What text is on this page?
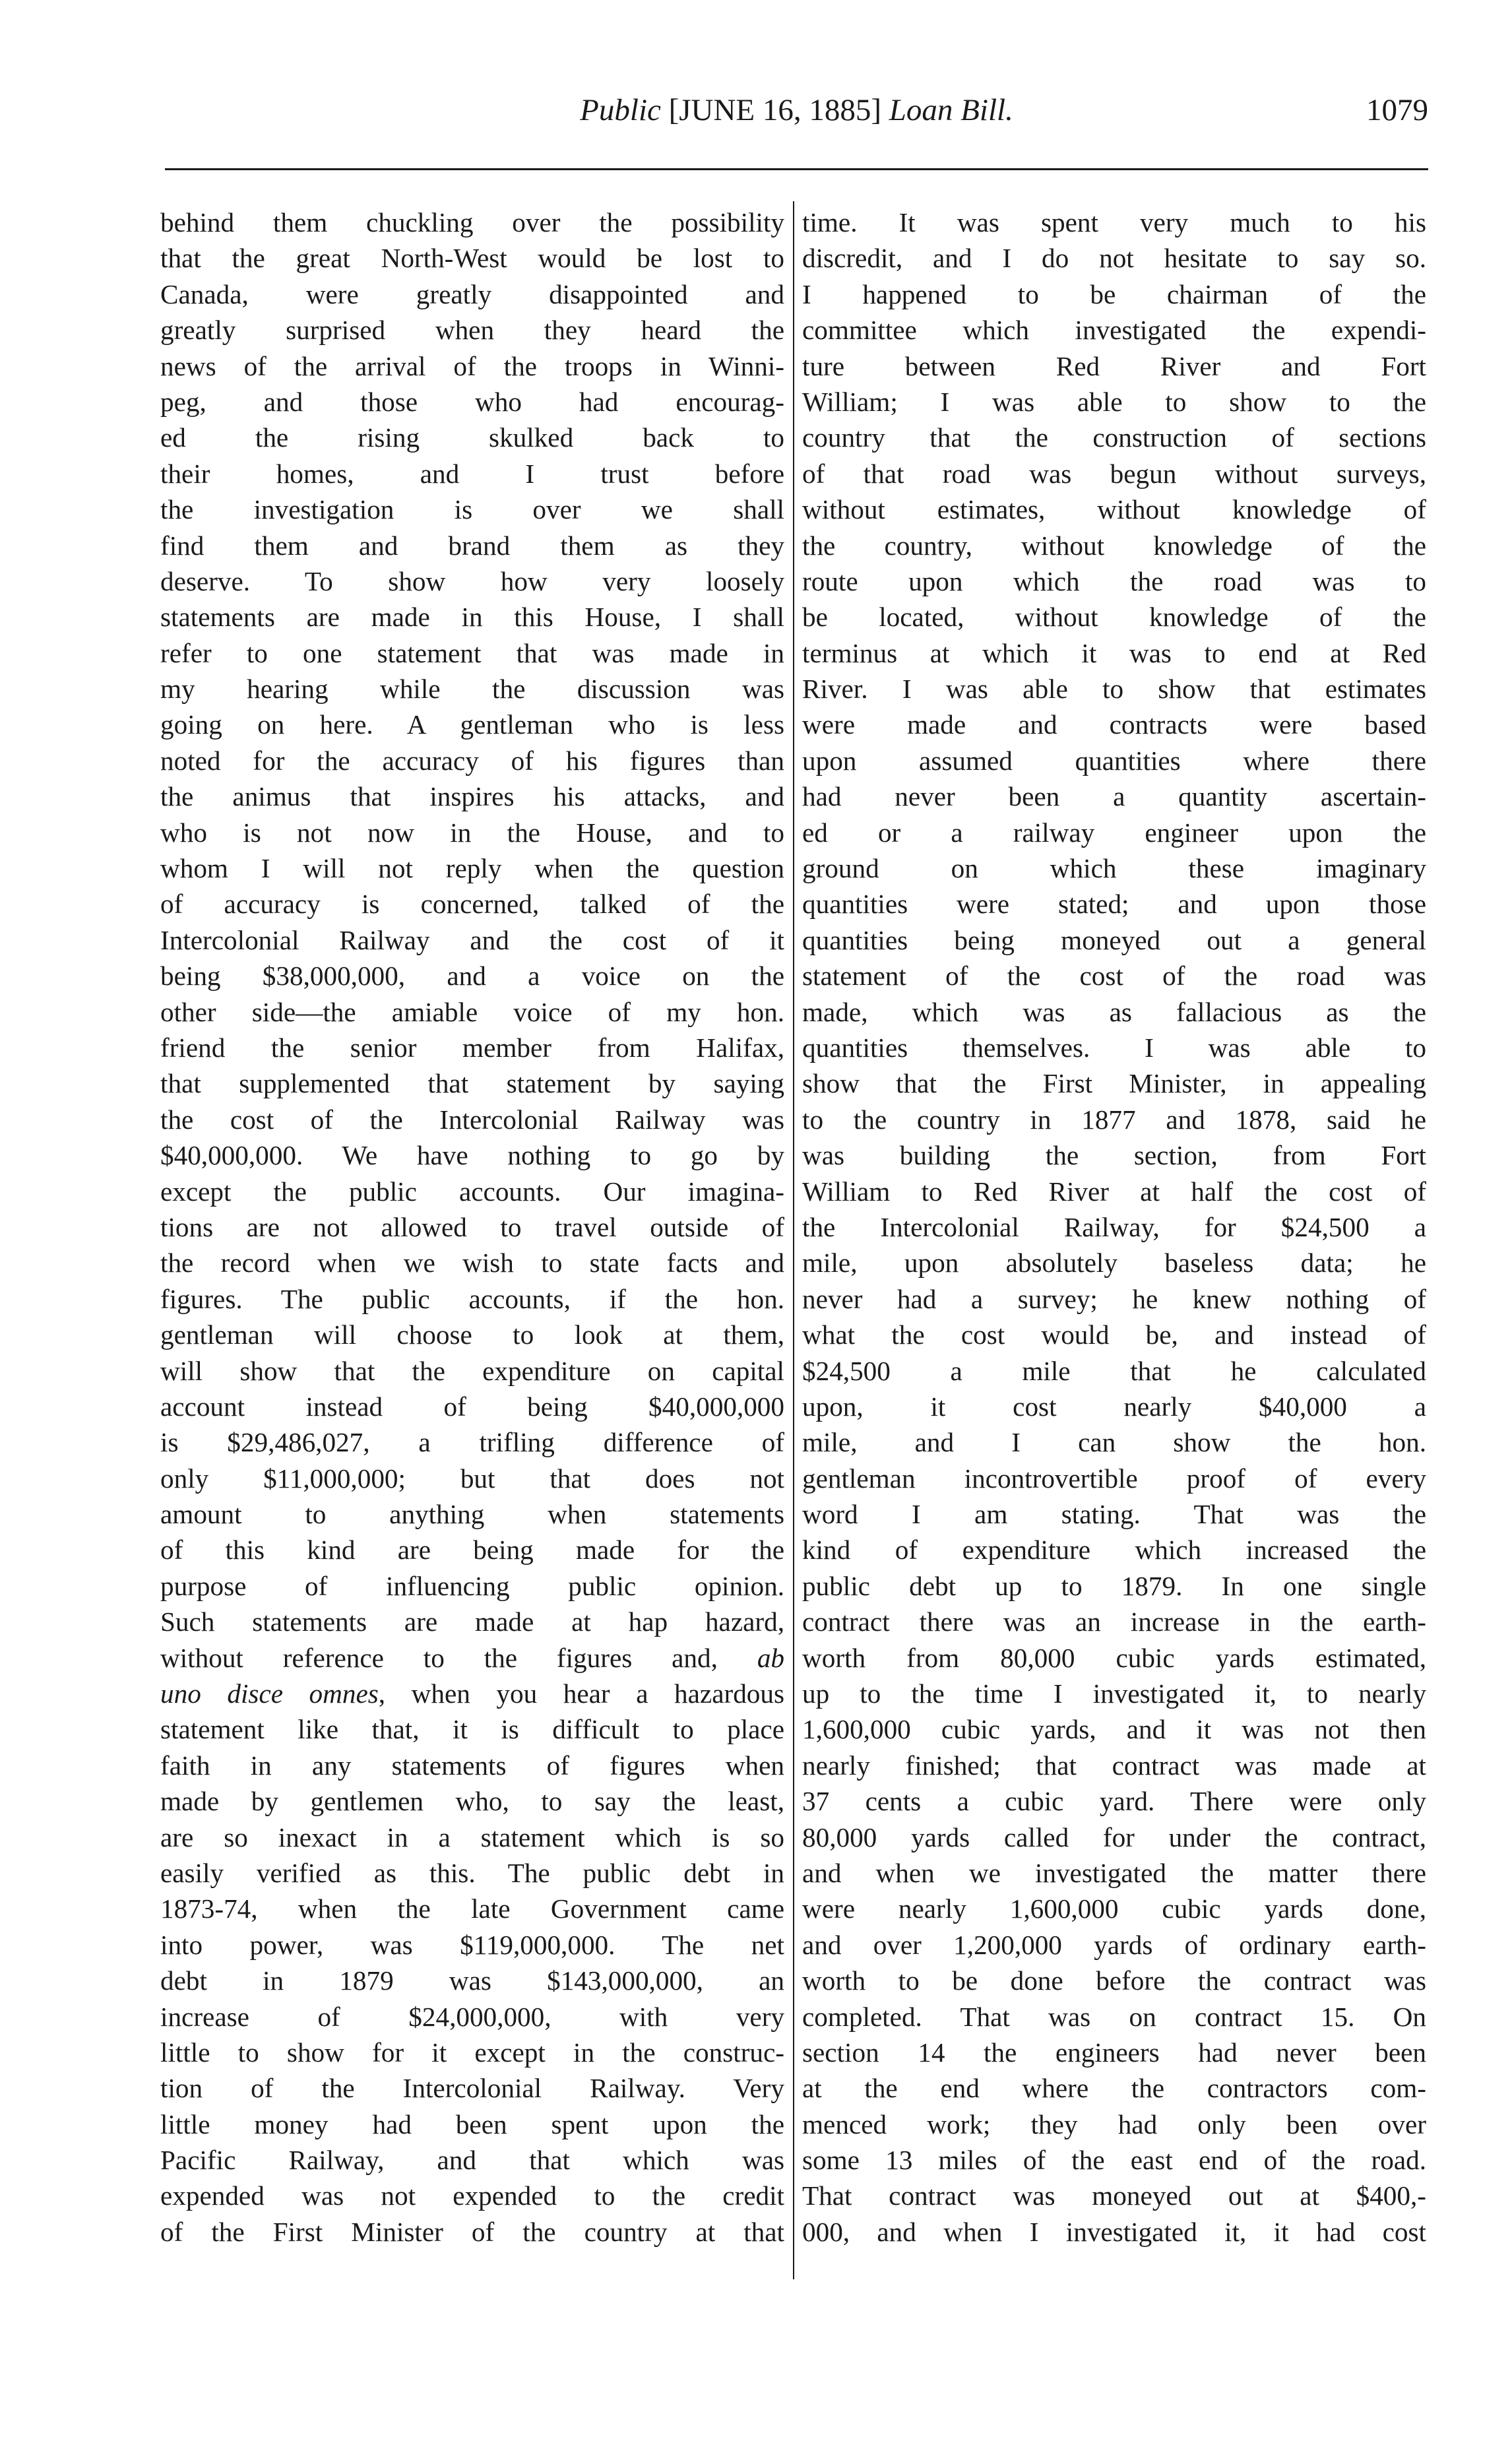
Public [JUNE 16, 1885] Loan Bill.	1079
behind them chuckling over the possibility
that the great North-West would be lost to
Canada, were greatly disappointed and
greatly surprised when they heard the
news of the arrival of the troops in Winni-
peg, and those who had encourag-
ed the rising skulked back to
their homes, and I trust before
the investigation is over we shall
find them and brand them as they
deserve. To show how very loosely
statements are made in this House, I shall
refer to one statement that was made in
my hearing while the discussion was
going on here. A gentleman who is less
noted for the accuracy of his figures than
the animus that inspires his attacks, and
who is not now in the House, and to
whom I will not reply when the question
of accuracy is concerned, talked of the
Intercolonial Railway and the cost of it
being $38,000,000, and a voice on the
other side—the amiable voice of my hon.
friend the senior member from Halifax,
that supplemented that statement by saying
the cost of the Intercolonial Railway was
$40,000,000. We have nothing to go by
except the public accounts. Our imagina-
tions are not allowed to travel outside of
the record when we wish to state facts and
figures. The public accounts, if the hon.
gentleman will choose to look at them,
will show that the expenditure on capital
account instead of being $40,000,000
is $29,486,027, a trifling difference of
only $11,000,000; but that does not
amount to anything when statements
of this kind are being made for the
purpose of influencing public opinion.
Such statements are made at hap hazard,
without reference to the figures and, ab
uno disce omnes, when you hear a hazardous
statement like that, it is difficult to place
faith in any statements of figures when
made by gentlemen who, to say the least,
are so inexact in a statement which is so
easily verified as this. The public debt in
1873-74, when the late Government came
into power, was $119,000,000. The net
debt in 1879 was $143,000,000, an
increase of $24,000,000, with very
little to show for it except in the construc-
tion of the Intercolonial Railway. Very
little money had been spent upon the
Pacific Railway, and that which was
expended was not expended to the credit
of the First Minister of the country at that
time. It was spent very much to his
discredit, and I do not hesitate to say so.
I happened to be chairman of the
committee which investigated the expendi-
ture between Red River and Fort
William; I was able to show to the
country that the construction of sections
of that road was begun without surveys,
without estimates, without knowledge of
the country, without knowledge of the
route upon which the road was to
be located, without knowledge of the
terminus at which it was to end at Red
River. I was able to show that estimates
were made and contracts were based
upon assumed quantities where there
had never been a quantity ascertain-
ed or a railway engineer upon the
ground on which these imaginary
quantities were stated; and upon those
quantities being moneyed out a general
statement of the cost of the road was
made, which was as fallacious as the
quantities themselves. I was able to
show that the First Minister, in appealing
to the country in 1877 and 1878, said he
was building the section, from Fort
William to Red River at half the cost of
the Intercolonial Railway, for $24,500 a
mile, upon absolutely baseless data; he
never had a survey; he knew nothing of
what the cost would be, and instead of
$24,500 a mile that he calculated
upon, it cost nearly $40,000 a
mile, and I can show the hon.
gentleman incontrovertible proof of every
word I am stating. That was the
kind of expenditure which increased the
public debt up to 1879. In one single
contract there was an increase in the earth-
worth from 80,000 cubic yards estimated,
up to the time I investigated it, to nearly
1,600,000 cubic yards, and it was not then
nearly finished; that contract was made at
37 cents a cubic yard. There were only
80,000 yards called for under the contract,
and when we investigated the matter there
were nearly 1,600,000 cubic yards done,
and over 1,200,000 yards of ordinary earth-
worth to be done before the contract was
completed. That was on contract 15. On
section 14 the engineers had never been
at the end where the contractors com-
menced work; they had only been over
some 13 miles of the east end of the road.
That contract was moneyed out at $400,-
000, and when I investigated it, it had cost
